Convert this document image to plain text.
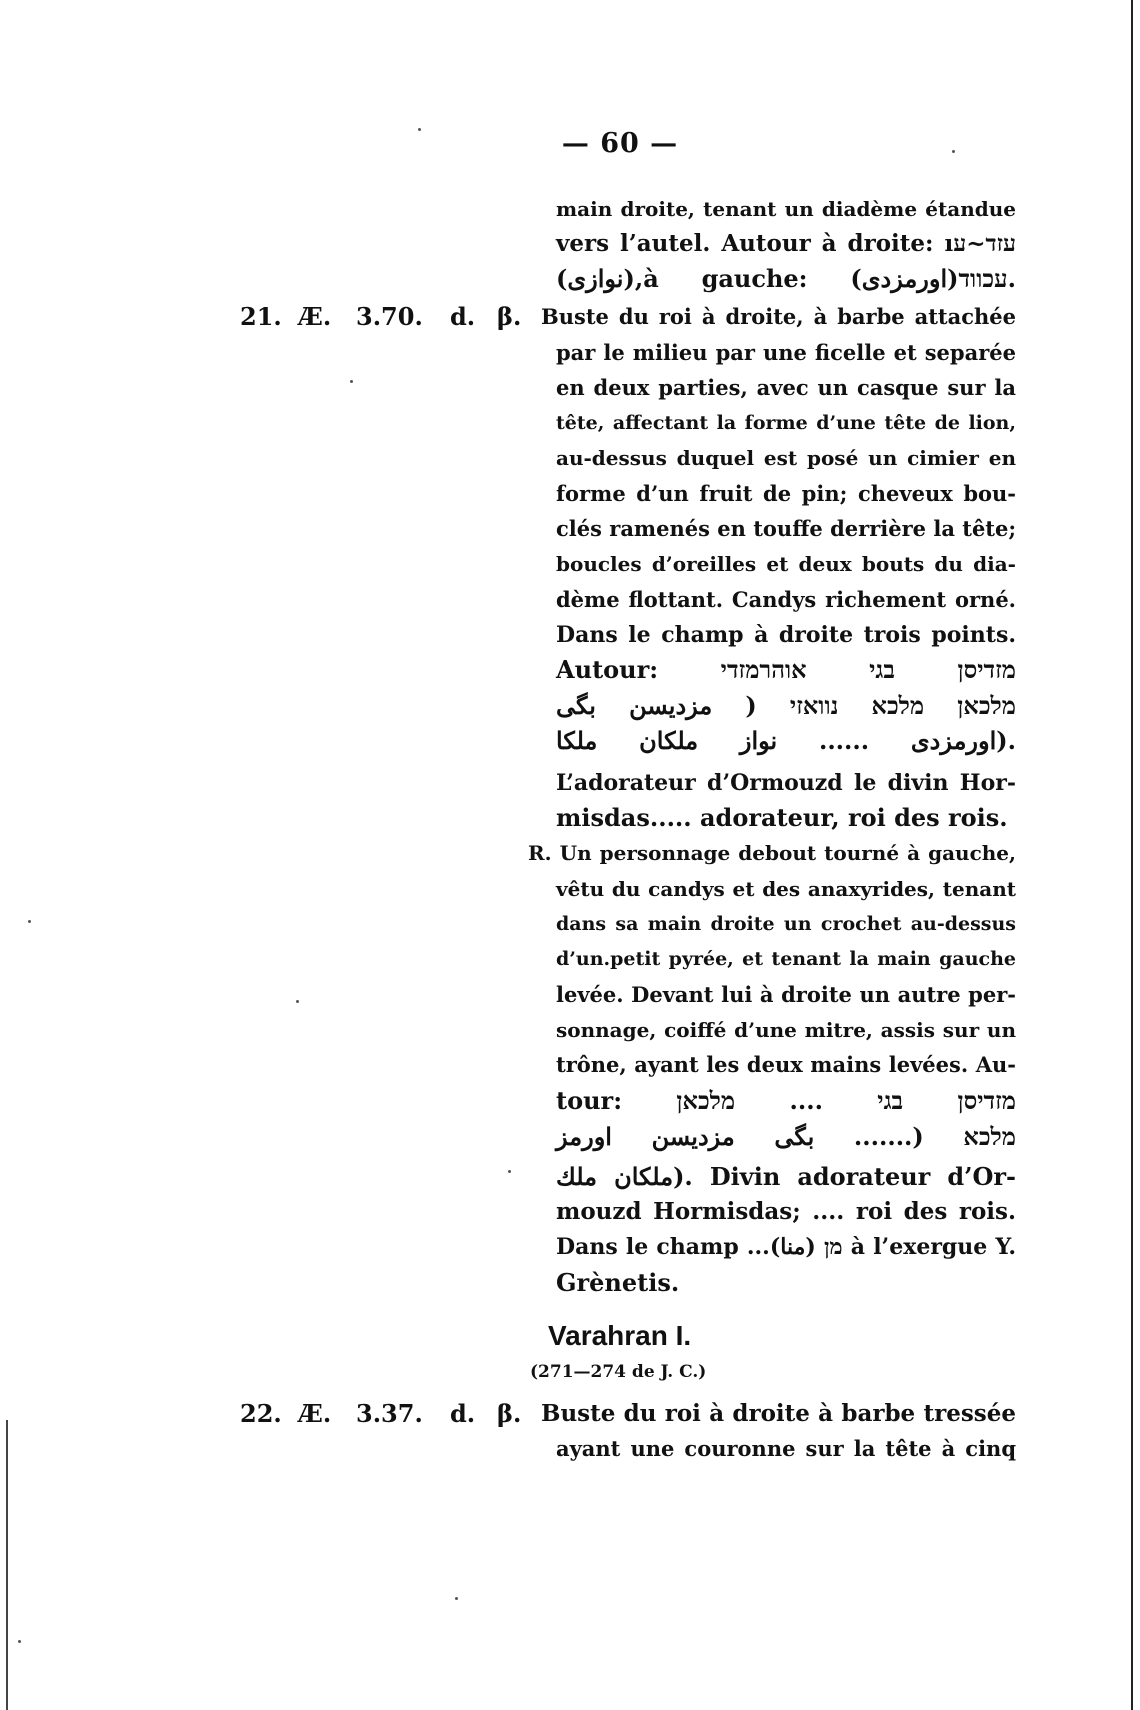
— 60 —
main droite, tenant un diadème étandue
vers l’autel. Autour à droite: ıעזד~ע
(نوازی),à gauche: עכווד(اورمزدی).
21. Æ. 3.70. d. β. Buste du roi à droite, à barbe attachée
par le milieu par une ficelle et separée
en deux parties, avec un casque sur la
tête, affectant la forme d’une tête de lion,
au-dessus duquel est posé un cimier en
forme d’un fruit de pin; cheveux bou-
clés ramenés en touffe derrière la tête;
boucles d’oreilles et deux bouts du dia-
dème flottant. Candys richement orné.
Dans le champ à droite trois points.
Autour: מזדיסן בגי אוהרמזדי
מלכאן מלכא נוואזי ( مزدیسن بگی
اورمزدی ...... نواز ملکان ملکا).
L’adorateur d’Ormouzd le divin Hor-
misdas..... adorateur, roi des rois.
R. Un personnage debout tourné à gauche,
vêtu du candys et des anaxyrides, tenant
dans sa main droite un crochet au-dessus
d’un.petit pyrée, et tenant la main gauche
levée. Devant lui à droite un autre per-
sonnage, coiffé d’une mitre, assis sur un
trône, ayant les deux mains levées. Au-
tour: מזדיסן בגי .... מלכאן
מלכא (....... بگی مزدیسن اورمز
ملکان ملك). Divin adorateur d’Or-
mouzd Hormisdas; .... roi des rois.
Dans le champ ...מן (منا) à l’exergue Y.
Grènetis.
Varahran I.
(271—274 de J. C.)
22. Æ. 3.37. d. β. Buste du roi à droite à barbe tressée
ayant une couronne sur la tête à cinq
